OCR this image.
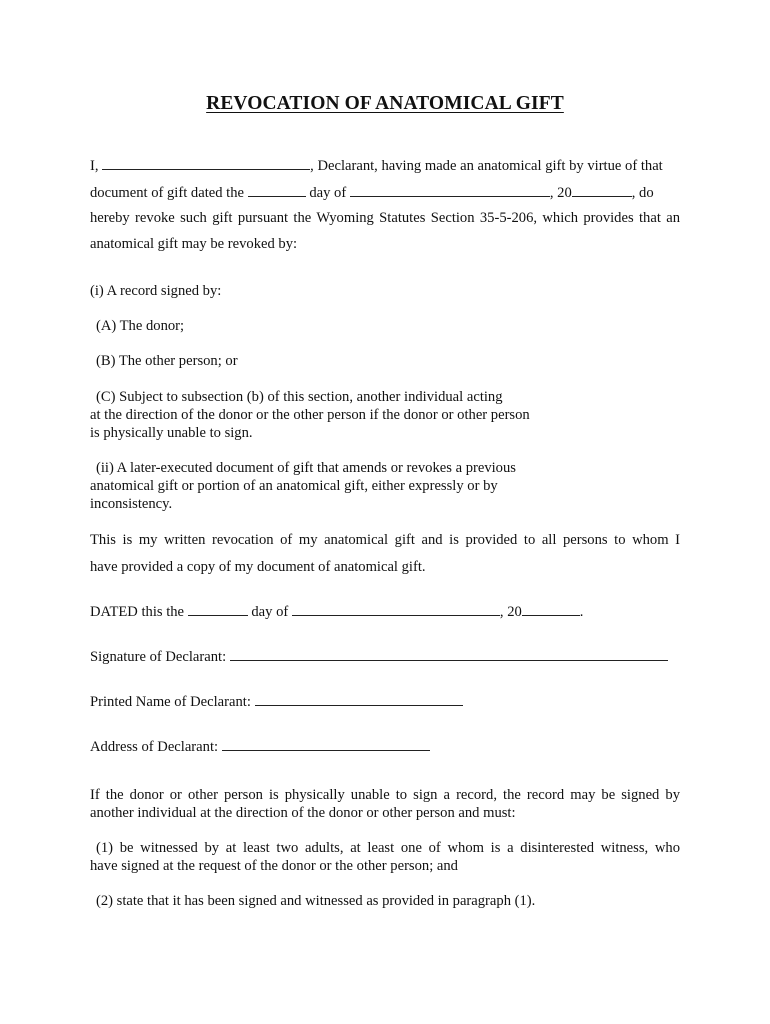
REVOCATION OF ANATOMICAL GIFT
I,	, Declarant, having made an anatomical gift by virtue of that
document of gift dated the	day of	, 20	, do
hereby revoke such gift pursuant the Wyoming Statutes Section 35-5-206, which provides that an
anatomical gift may be revoked by:
(i) A record signed by:
(A) The donor;
(B) The other person; or
(C) Subject to subsection (b) of this section, another individual acting
at the direction of the donor or the other person if the donor or other person
is physically unable to sign.
(ii) A later-executed document of gift that amends or revokes a previous
anatomical gift or portion of an anatomical gift, either expressly or by
inconsistency.
This is my written revocation of my anatomical gift and is provided to all persons to whom I
have provided a copy of my document of anatomical gift.
DATED this the	day of	, 20	.
Signature of Declarant:
Printed Name of Declarant:
Address of Declarant:
If the donor or other person is physically unable to sign a record, the record may be signed by
another individual at the direction of the donor or other person and must:
(1) be witnessed by at least two adults, at least one of whom is a disinterested witness, who
have signed at the request of the donor or the other person; and
(2) state that it has been signed and witnessed as provided in paragraph (1).
